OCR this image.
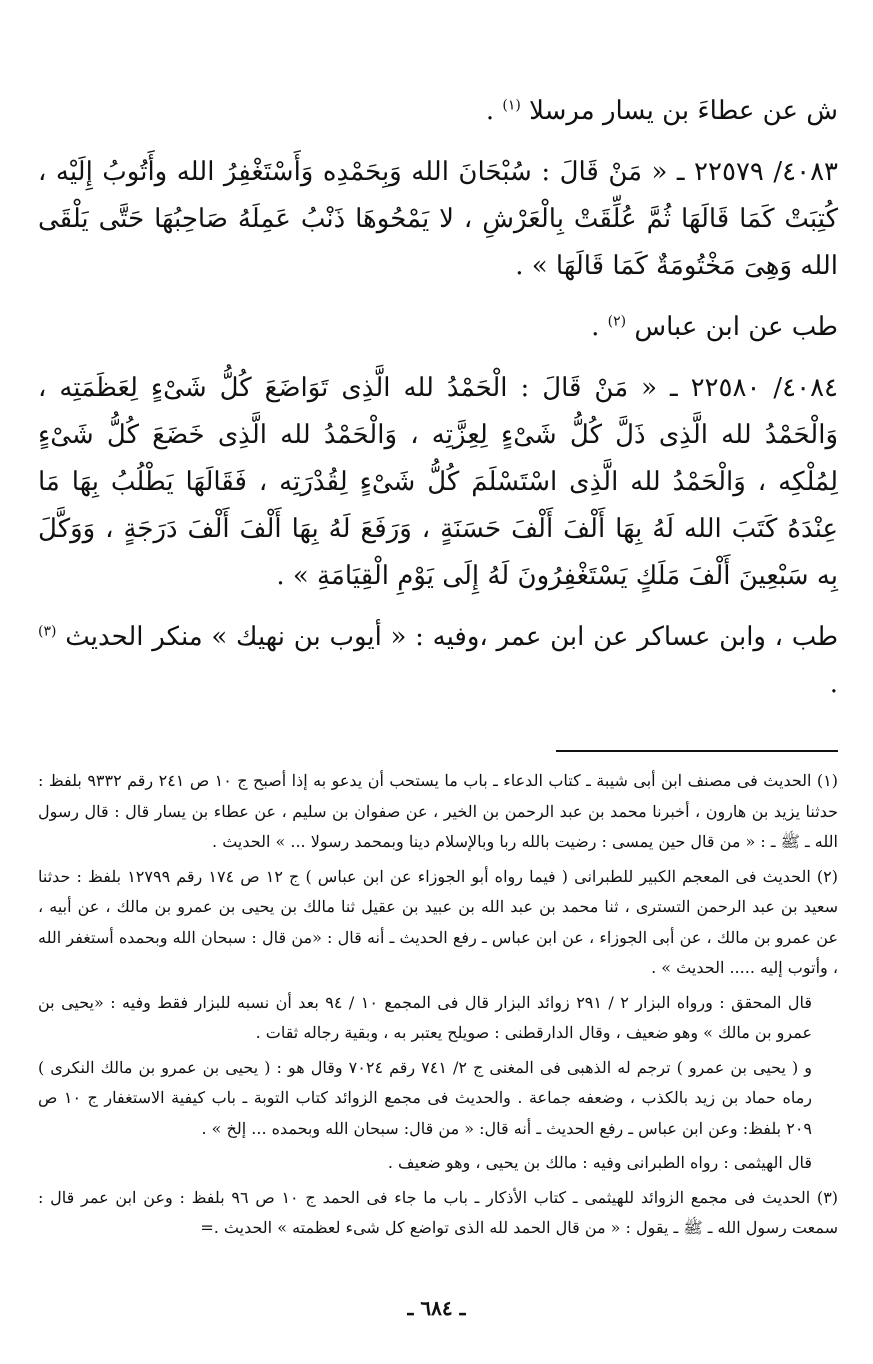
ش عن عطاءَ بن يسار مرسلا $^{(١)}$ .

٤٠٨٣/ ٢٢٥٧٩ ـ « مَنْ قَالَ : سُبْحَانَ الله وَبِحَمْدِه وَأَسْتَغْفِرُ الله وأَتُوبُ إِلَيْه ، كُتِبَتْ كَمَا قَالَهَا ثُمَّ عُلِّقَتْ بِالْعَرْشِ ، لا يَمْحُوهَا ذَنْبُ عَمِلَهُ صَاحِبُهَا حَتَّى يَلْقَى الله وَهِىَ مَخْتُومَةٌ كَمَا قَالَهَا » .

طب عن ابن عباس $^{(٢)}$ .

٤٠٨٤/ ٢٢٥٨٠ ـ « مَنْ قَالَ : الْحَمْدُ لله الَّذِى تَوَاضَعَ كُلُّ شَىْءٍ لِعَظَمَتِه ، وَالْحَمْدُ لله الَّذِى ذَلَّ كُلُّ شَىْءٍ لِعِزَّتِه ، وَالْحَمْدُ لله الَّذِى خَضَعَ كُلُّ شَىْءٍ لِمُلْكِه ، وَالْحَمْدُ لله الَّذِى اسْتَسْلَمَ كُلُّ شَىْءٍ لِقُدْرَتِه ، فَقَالَهَا يَطْلُبُ بِهَا مَا عِنْدَهُ كَتَبَ الله لَهُ بِهَا أَلْفَ أَلْفَ حَسَنَةٍ ، وَرَفَعَ لَهُ بِهَا أَلْفَ أَلْفَ دَرَجَةٍ ، وَوَكَّلَ بِه سَبْعِينَ أَلْفَ مَلَكٍ يَسْتَغْفِرُونَ لَهُ إِلَى يَوْمِ الْقِيَامَةِ » .

طب ، وابن عساكر عن ابن عمر ،وفيه : « أيوب بن نهيك » منكر الحديث $^{(٣)}$ .

(١) الحديث فى مصنف ابن أبى شيبة ـ كتاب الدعاء ـ باب ما يستحب أن يدعو به إذا أصبح ج ١٠ ص ٢٤١ رقم ٩٣٣٢ بلفظ : حدثنا يزيد بن هارون ، أخبرنا محمد بن عبد الرحمن بن الخير ، عن صفوان بن سليم ، عن عطاء بن يسار قال : قال رسول الله ـ ﷺ ـ : « من قال حين يمسى : رضيت بالله ربا وبالإسلام دينا وبمحمد رسولا ... » الحديث .

(٢) الحديث فى المعجم الكبير للطبرانى ( فيما رواه أبو الجوزاء عن ابن عباس ) ج ١٢ ص ١٧٤ رقم ١٢٧٩٩ بلفظ : حدثنا سعيد بن عبد الرحمن التسترى ، ثنا محمد بن عبد الله بن عبيد بن عقيل ثنا مالك بن يحيى بن عمرو بن مالك ، عن أبيه ، عن عمرو بن مالك ، عن أبى الجوزاء ، عن ابن عباس ـ رفع الحديث ـ أنه قال : «من قال : سبحان الله وبحمده أستغفر الله ، وأتوب إليه ..... الحديث » .

قال المحقق : ورواه البزار ٢ / ٢٩١ زوائد البزار قال فى المجمع ١٠ / ٩٤ بعد أن نسبه للبزار فقط وفيه : «يحيى بن عمرو بن مالك » وهو ضعيف ، وقال الدارقطنى : صويلح يعتبر به ، وبقية رجاله ثقات .

و ( يحيى بن عمرو ) ترجم له الذهبى فى المغنى ج ٢/ ٧٤١ رقم ٧٠٢٤ وقال هو : ( يحيى بن عمرو بن مالك النكرى ) رماه حماد بن زيد بالكذب ، وضعفه جماعة . والحديث فى مجمع الزوائد كتاب التوبة ـ باب كيفية الاستغفار ج ١٠ ص ٢٠٩ بلفظ: وعن ابن عباس ـ رفع الحديث ـ أنه قال: « من قال: سبحان الله وبحمده ... إلخ » .

قال الهيثمى : رواه الطبرانى وفيه : مالك بن يحيى ، وهو ضعيف .

(٣) الحديث فى مجمع الزوائد للهيثمى ـ كتاب الأذكار ـ باب ما جاء فى الحمد ج ١٠ ص ٩٦ بلفظ : وعن ابن عمر قال : سمعت رسول الله ـ ﷺ ـ يقول : « من قال الحمد لله الذى تواضع كل شىء لعظمته » الحديث .=

ـ ٦٨٤ ـ
